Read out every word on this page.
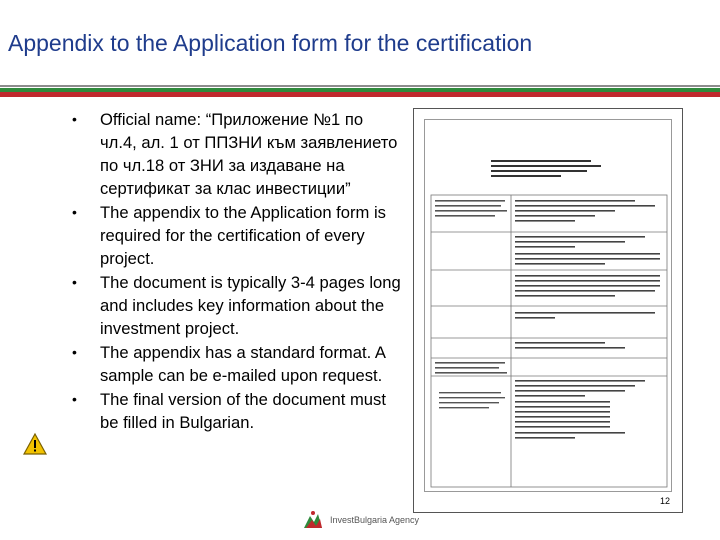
Appendix to the Application form for the certification
• Official name: “Приложение №1 по чл.4, ал. 1 от ППЗНИ към заявлението по чл.18 от ЗНИ за издаване на сертификат за клас инвестиции”
• The appendix to the Application form is required for the certification of every project.
• The document is typically 3-4 pages long and includes key information about the investment project.
• The appendix has a standard format. A sample can be e-mailed upon request.
• The final version of the document must be filled in Bulgarian.
12
InvestBulgaria Agency
